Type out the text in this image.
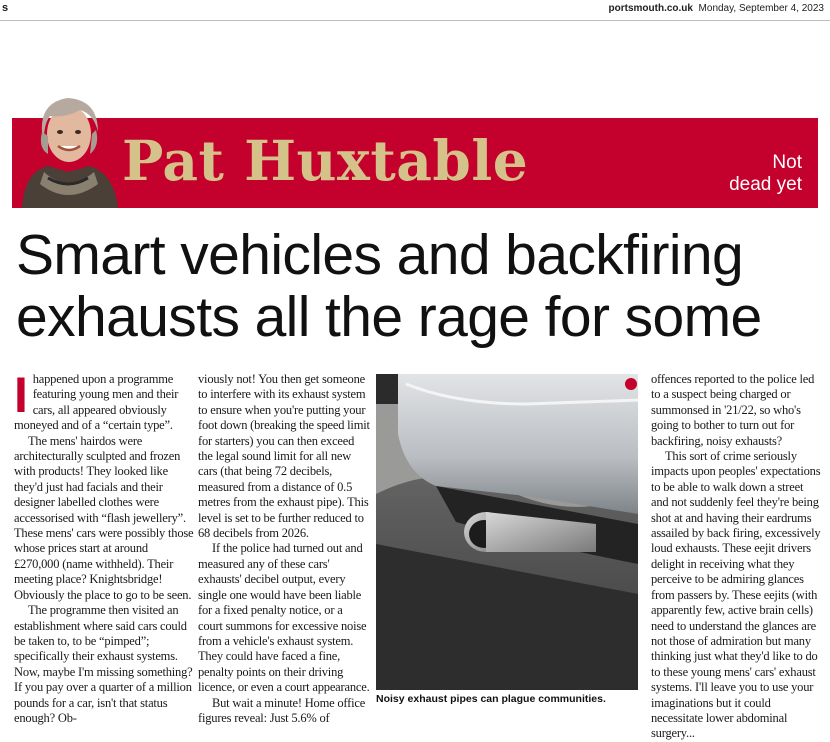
s	portsmouth.co.uk Monday, September 4, 2023
Pat Huxtable	Not
dead yet
Smart vehicles and backfiring
exhausts all the rage for some

Ihappened upon a programme featuring young men and their cars, all appeared obviously moneyed and of a “certain type”.

The mens' hairdos were architecturally sculpted and frozen with products! They looked like they'd just had facials and their designer labelled clothes were accessorised with “flash jewellery”. These mens' cars were possibly those whose prices start at around £270,000 (name withheld). Their meeting place? Knightsbridge! Obviously the place to go to be seen.

The programme then visited an establishment where said cars could be taken to, to be “pimped”; specifically their exhaust systems. Now, maybe I'm missing something? If you pay over a quarter of a million pounds for a car, isn't that status enough? Ob-

viously not! You then get someone to interfere with its exhaust system to ensure when you're putting your foot down (breaking the speed limit for starters) you can then exceed the legal sound limit for all new cars (that being 72 decibels, measured from a distance of 0.5 metres from the exhaust pipe). This level is set to be further reduced to 68 decibels from 2026.

If the police had turned out and measured any of these cars' exhausts' decibel output, every single one would have been liable for a fixed penalty notice, or a court summons for excessive noise from a vehicle's exhaust system. They could have faced a fine, penalty points on their driving licence, or even a court appearance.

But wait a minute! Home office figures reveal: Just 5.6% of

Noisy exhaust pipes can plague communities.

offences reported to the police led to a suspect being charged or summonsed in '21/22, so who's going to bother to turn out for backfiring, noisy exhausts?

This sort of crime seriously impacts upon peoples' expectations to be able to walk down a street and not suddenly feel they're being shot at and having their eardrums assailed by back firing, excessively loud exhausts. These eejit drivers delight in receiving what they perceive to be admiring glances from passers by. These eejits (with apparently few, active brain cells) need to understand the glances are not those of admiration but many thinking just what they'd like to do to these young mens' cars' exhaust systems. I'll leave you to use your imaginations but it could necessitate lower abdominal surgery...
